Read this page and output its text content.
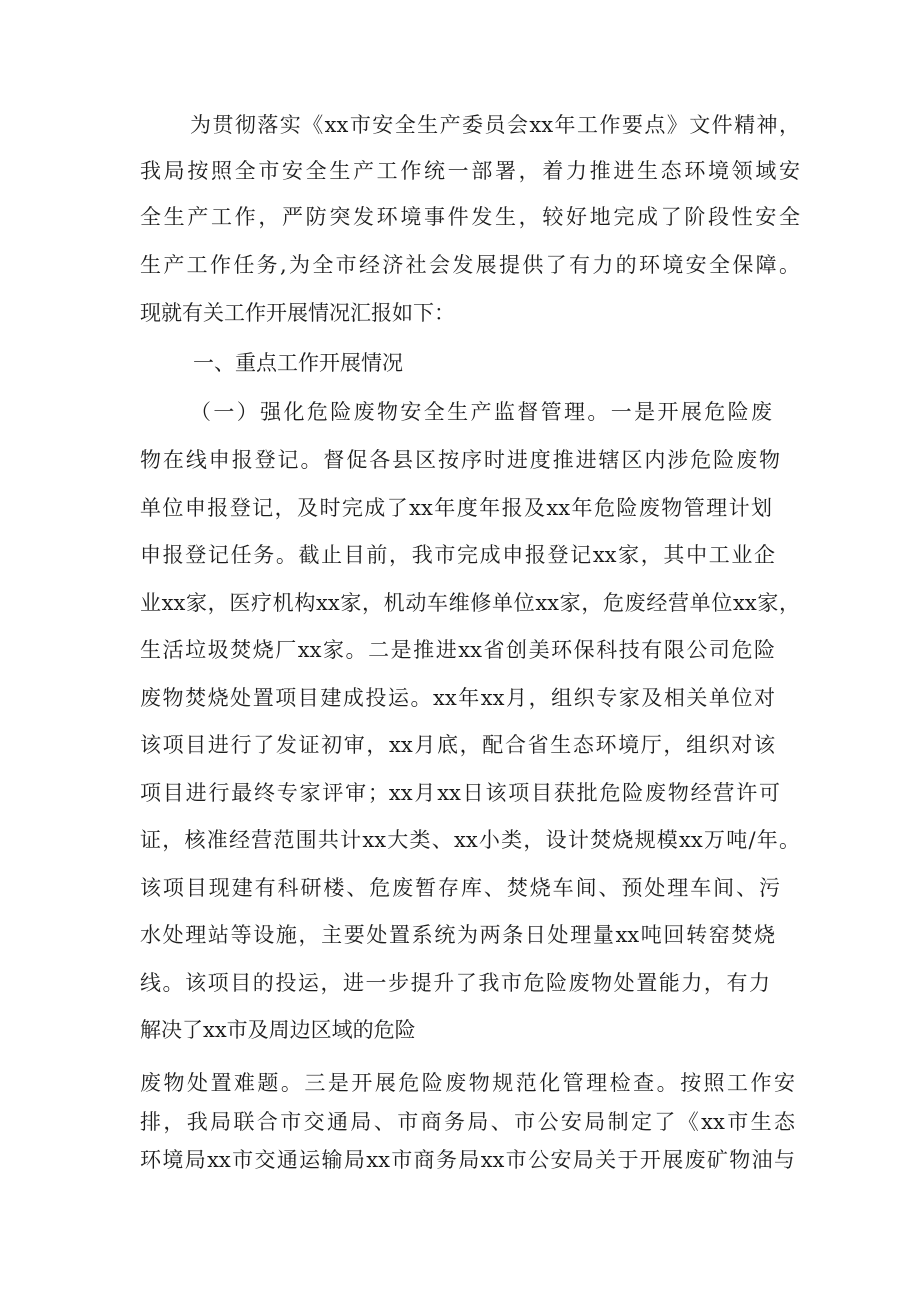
为贯彻落实《xx市安全生产委员会xx年工作要点》文件精神，
我局按照全市安全生产工作统一部署，着力推进生态环境领域安
全生产工作，严防突发环境事件发生，较好地完成了阶段性安全
生产工作任务,为全市经济社会发展提供了有力的环境安全保障。
现就有关工作开展情况汇报如下：
一、重点工作开展情况
（一）强化危险废物安全生产监督管理。一是开展危险废
物在线申报登记。督促各县区按序时进度推进辖区内涉危险废物
单位申报登记，及时完成了xx年度年报及xx年危险废物管理计划
申报登记任务。截止目前，我市完成申报登记xx家，其中工业企
业xx家，医疗机构xx家，机动车维修单位xx家，危废经营单位xx家，
生活垃圾焚烧厂xx家。二是推进xx省创美环保科技有限公司危险
废物焚烧处置项目建成投运。xx年xx月，组织专家及相关单位对
该项目进行了发证初审，xx月底，配合省生态环境厅，组织对该
项目进行最终专家评审；xx月xx日该项目获批危险废物经营许可
证，核准经营范围共计xx大类、xx小类，设计焚烧规模xx万吨/年。
该项目现建有科研楼、危废暂存库、焚烧车间、预处理车间、污
水处理站等设施，主要处置系统为两条日处理量xx吨回转窑焚烧
线。该项目的投运，进一步提升了我市危险废物处置能力，有力
解决了xx市及周边区域的危险
废物处置难题。三是开展危险废物规范化管理检查。按照工作安
排，我局联合市交通局、市商务局、市公安局制定了《xx市生态
环境局xx市交通运输局xx市商务局xx市公安局关于开展废矿物油与
